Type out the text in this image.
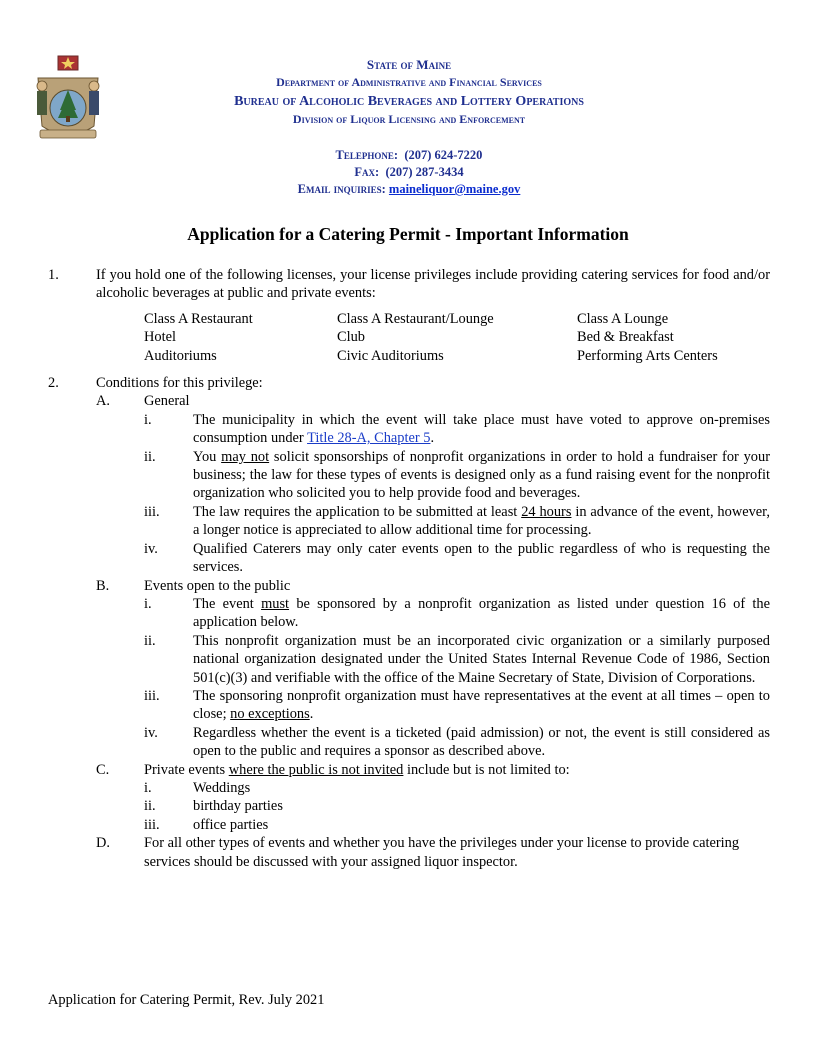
State of Maine
Department of Administrative and Financial Services
Bureau of Alcoholic Beverages and Lottery Operations
Division of Liquor Licensing and Enforcement
Telephone: (207) 624-7220
Fax: (207) 287-3434
Email inquiries: maineliquor@maine.gov
Application for a Catering Permit - Important Information
1.	If you hold one of the following licenses, your license privileges include providing catering services for food and/or alcoholic beverages at public and private events:
Class A Restaurant	Class A Restaurant/Lounge	Class A Lounge
Hotel	Club	Bed & Breakfast
Auditoriums	Civic Auditoriums	Performing Arts Centers
2.	Conditions for this privilege:
A.	General
i.	The municipality in which the event will take place must have voted to approve on-premises consumption under Title 28-A, Chapter 5.
ii.	You may not solicit sponsorships of nonprofit organizations in order to hold a fundraiser for your business; the law for these types of events is designed only as a fund raising event for the nonprofit organization who solicited you to help provide food and beverages.
iii.	The law requires the application to be submitted at least 24 hours in advance of the event, however, a longer notice is appreciated to allow additional time for processing.
iv.	Qualified Caterers may only cater events open to the public regardless of who is requesting the services.
B.	Events open to the public
i.	The event must be sponsored by a nonprofit organization as listed under question 16 of the application below.
ii.	This nonprofit organization must be an incorporated civic organization or a similarly purposed national organization designated under the United States Internal Revenue Code of 1986, Section 501(c)(3) and verifiable with the office of the Maine Secretary of State, Division of Corporations.
iii.	The sponsoring nonprofit organization must have representatives at the event at all times – open to close; no exceptions.
iv.	Regardless whether the event is a ticketed (paid admission) or not, the event is still considered as open to the public and requires a sponsor as described above.
C.	Private events where the public is not invited include but is not limited to:
i.	Weddings
ii.	birthday parties
iii.	office parties
D.	For all other types of events and whether you have the privileges under your license to provide catering services should be discussed with your assigned liquor inspector.
Application for Catering Permit, Rev. July 2021
